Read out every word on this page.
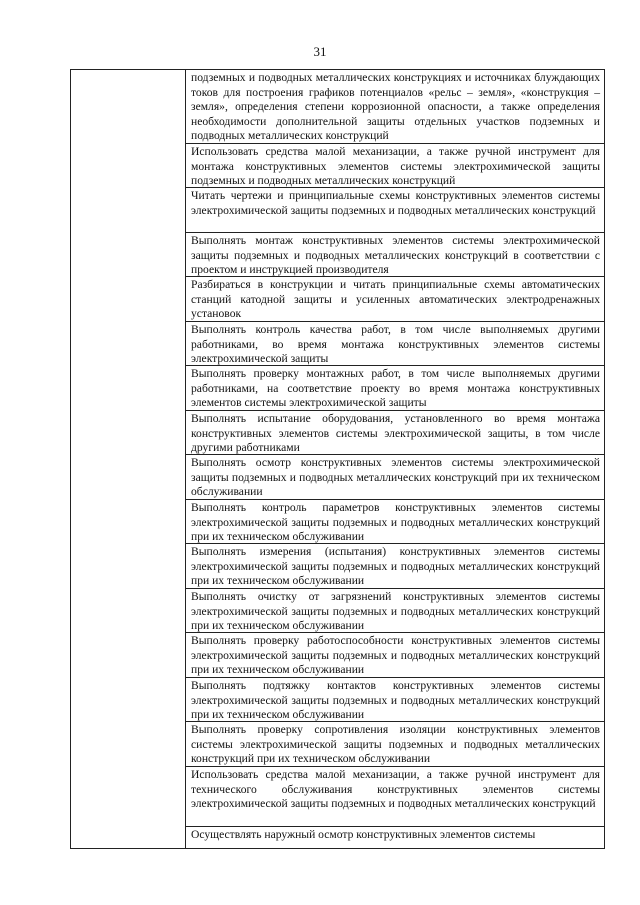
31
подземных и подводных металлических конструкциях и источниках блуждающих токов для построения графиков потенциалов «рельс – земля», «конструкция – земля», определения степени коррозионной опасности, а также определения необходимости дополнительной защиты отдельных участков подземных и подводных металлических конструкций
Использовать средства малой механизации, а также ручной инструмент для монтажа конструктивных элементов системы электрохимической защиты подземных и подводных металлических конструкций
Читать чертежи и принципиальные схемы конструктивных элементов системы электрохимической защиты подземных и подводных металлических конструкций
Выполнять монтаж конструктивных элементов системы электрохимической защиты подземных и подводных металлических конструкций в соответствии с проектом и инструкцией производителя
Разбираться в конструкции и читать принципиальные схемы автоматических станций катодной защиты и усиленных автоматических электродренажных установок
Выполнять контроль качества работ, в том числе выполняемых другими работниками, во время монтажа конструктивных элементов системы электрохимической защиты
Выполнять проверку монтажных работ, в том числе выполняемых другими работниками, на соответствие проекту во время монтажа конструктивных элементов системы электрохимической защиты
Выполнять испытание оборудования, установленного во время монтажа конструктивных элементов системы электрохимической защиты, в том числе другими работниками
Выполнять осмотр конструктивных элементов системы электрохимической защиты подземных и подводных металлических конструкций при их техническом обслуживании
Выполнять контроль параметров конструктивных элементов системы электрохимической защиты подземных и подводных металлических конструкций при их техническом обслуживании
Выполнять измерения (испытания) конструктивных элементов системы электрохимической защиты подземных и подводных металлических конструкций при их техническом обслуживании
Выполнять очистку от загрязнений конструктивных элементов системы электрохимической защиты подземных и подводных металлических конструкций при их техническом обслуживании
Выполнять проверку работоспособности конструктивных элементов системы электрохимической защиты подземных и подводных металлических конструкций при их техническом обслуживании
Выполнять подтяжку контактов конструктивных элементов системы электрохимической защиты подземных и подводных металлических конструкций при их техническом обслуживании
Выполнять проверку сопротивления изоляции конструктивных элементов системы электрохимической защиты подземных и подводных металлических конструкций при их техническом обслуживании
Использовать средства малой механизации, а также ручной инструмент для технического обслуживания конструктивных элементов системы электрохимической защиты подземных и подводных металлических конструкций
Осуществлять наружный осмотр конструктивных элементов системы
